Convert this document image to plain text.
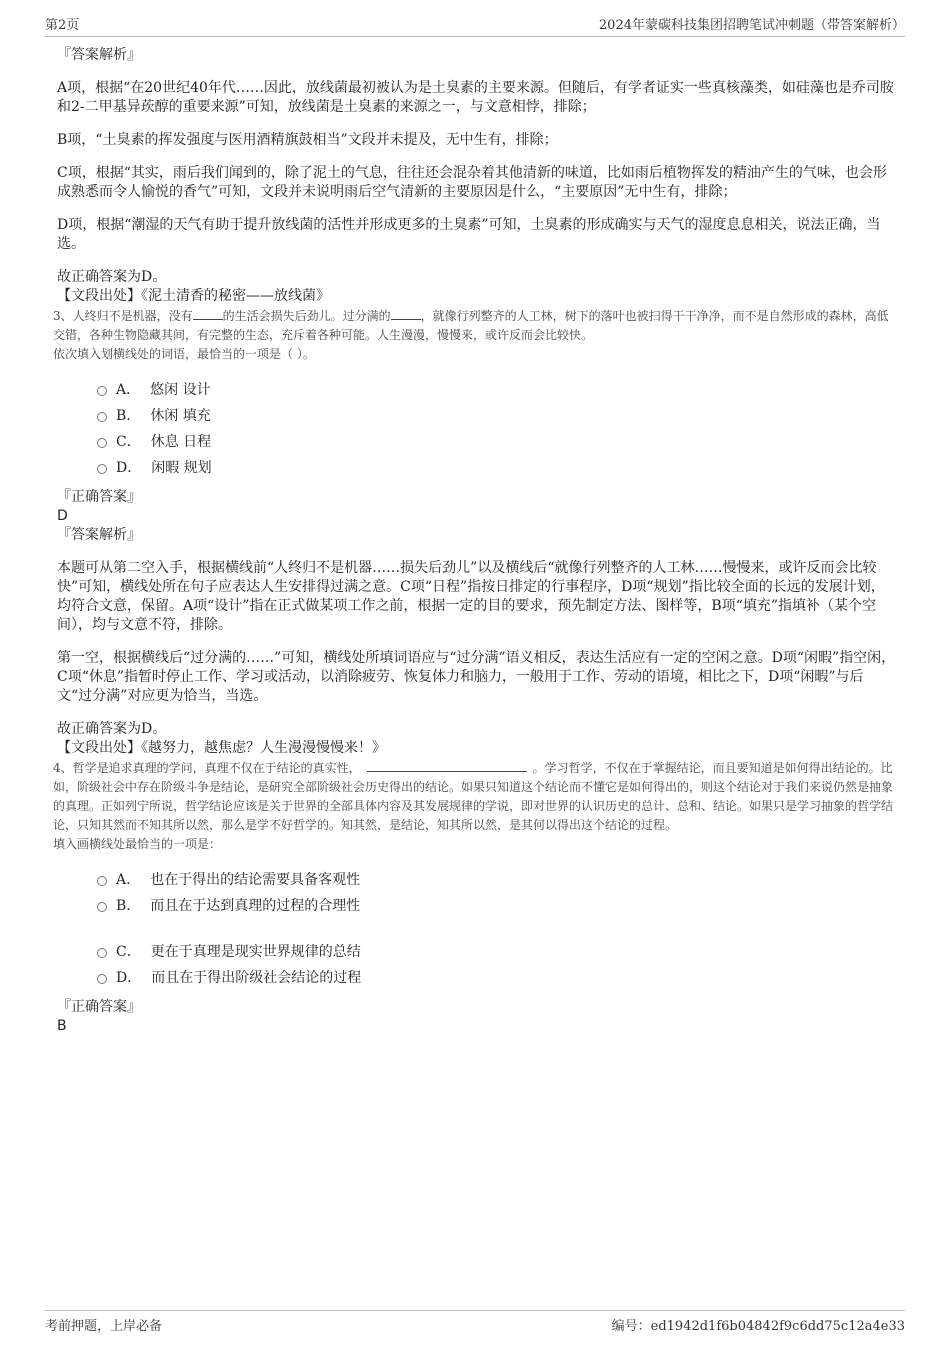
第2页	2024年蒙碳科技集团招聘笔试冲刺题（带答案解析）

『答案解析』

A项，根据“在20世纪40年代……因此，放线菌最初被认为是土臭素的主要来源。但随后，有学者证实一些真核藻类，如硅藻也是乔司胺和2-二甲基异莰醇的重要来源”可知，放线菌是土臭素的来源之一，与文意相悖，排除；

B项，“土臭素的挥发强度与医用酒精旗鼓相当”文段并未提及，无中生有，排除；

C项，根据“其实，雨后我们闻到的，除了泥土的气息，往往还会混杂着其他清新的味道，比如雨后植物挥发的精油产生的气味，也会形成熟悉而令人愉悦的香气”可知，文段并未说明雨后空气清新的主要原因是什么，“主要原因”无中生有，排除；

D项，根据“潮湿的天气有助于提升放线菌的活性并形成更多的土臭素”可知，土臭素的形成确实与天气的湿度息息相关，说法正确，当选。

故正确答案为D。

【文段出处】《泥土清香的秘密——放线菌》

3、人终归不是机器，没有	的生活会损失后劲儿。过分满的	，就像行列整齐的人工林，树下的落叶也被扫得干干净净，而不是自然形成的森林，高低交错，各种生物隐藏其间，有完整的生态，充斥着各种可能。人生漫漫，慢慢来，或许反而会比较快。

依次填入划横线处的词语，最恰当的一项是（ ）。

A． 悠闲 设计
B． 休闲 填充
C． 休息 日程
D． 闲暇 规划

『正确答案』

D

『答案解析』

本题可从第二空入手，根据横线前“人终归不是机器……损失后劲儿”以及横线后“就像行列整齐的人工林……慢慢来，或许反而会比较快”可知，横线处所在句子应表达人生安排得过满之意。C项“日程”指按日排定的行事程序，D项“规划”指比较全面的长远的发展计划，均符合文意，保留。A项“设计”指在正式做某项工作之前，根据一定的目的要求，预先制定方法、图样等，B项“填充”指填补（某个空间），均与文意不符，排除。

第一空，根据横线后“过分满的……”可知，横线处所填词语应与“过分满”语义相反，表达生活应有一定的空闲之意。D项“闲暇”指空闲，C项“休息”指暂时停止工作、学习或活动，以消除疲劳、恢复体力和脑力，一般用于工作、劳动的语境，相比之下，D项“闲暇”与后文“过分满”对应更为恰当，当选。

故正确答案为D。

【文段出处】《越努力，越焦虑？人生漫漫慢慢来！》

4、哲学是追求真理的学问，真理不仅在于结论的真实性，	。学习哲学，不仅在于掌握结论，而且要知道是如何得出结论的。比如，阶级社会中存在阶级斗争是结论，是研究全部阶级社会历史得出的结论。如果只知道这个结论而不懂它是如何得出的，则这个结论对于我们来说仍然是抽象的真理。正如列宁所说，哲学结论应该是关于世界的全部具体内容及其发展规律的学说，即对世界的认识历史的总计、总和、结论。如果只是学习抽象的哲学结论，只知其然而不知其所以然，那么是学不好哲学的。知其然，是结论，知其所以然，是其何以得出这个结论的过程。

填入画横线处最恰当的一项是：

A． 也在于得出的结论需要具备客观性
B． 而且在于达到真理的过程的合理性
C． 更在于真理是现实世界规律的总结
D． 而且在于得出阶级社会结论的过程

『正确答案』

B

考前押题，上岸必备	编号：ed1942d1f6b04842f9c6dd75c12a4e33
